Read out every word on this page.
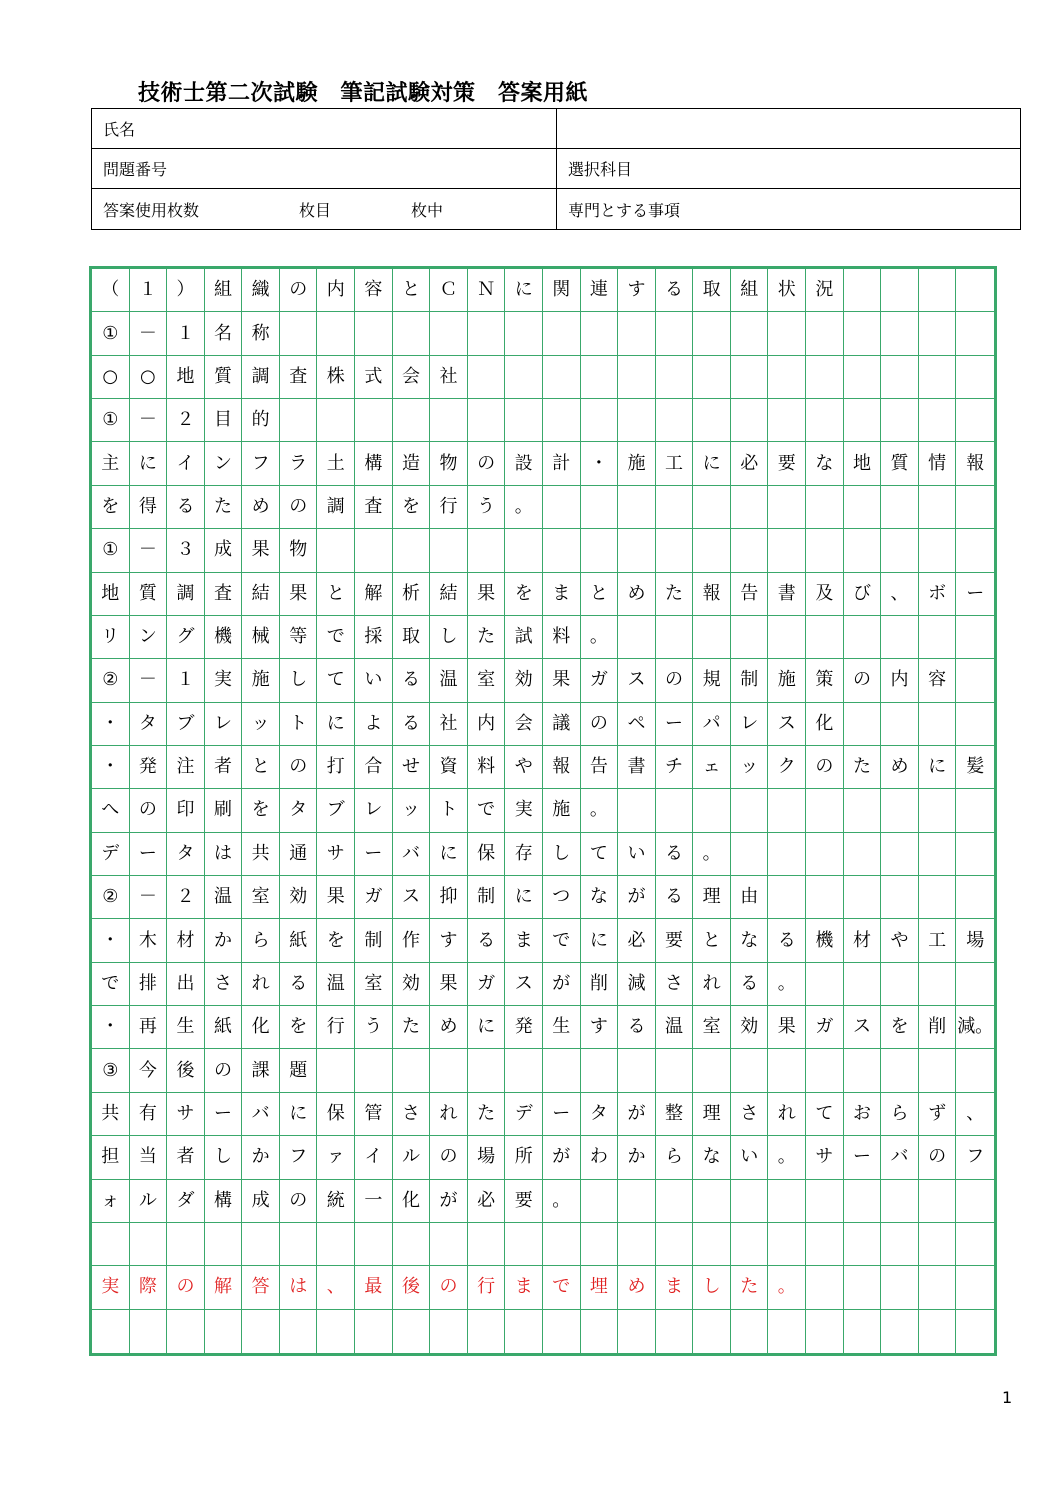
技術士第二次試験　筆記試験対策　答案用紙
氏名
問題番号	選択科目
答案使用枚数	枚目	枚中	専門とする事項
（	１	）	組	織	の	内	容	と	Ｃ	Ｎ	に	関	連	す	る	取	組	状	況
①	－	１	名	称
○	○	地	質	調	査	株	式	会	社
①	－	２	目	的
主	に	イ	ン	フ	ラ	土	構	造	物	の	設	計	・	施	工	に	必	要	な	地	質	情	報
を	得	る	た	め	の	調	査	を	行	う	。
①	－	３	成	果	物
地	質	調	査	結	果	と	解	析	結	果	を	ま	と	め	た	報	告	書	及	び	、	ボ	ー
リ	ン	グ	機	械	等	で	採	取	し	た	試	料	。
②	－	１	実	施	し	て	い	る	温	室	効	果	ガ	ス	の	規	制	施	策	の	内	容
・	タ	ブ	レ	ッ	ト	に	よ	る	社	内	会	議	の	ペ	ー	パ	レ	ス	化
・	発	注	者	と	の	打	合	せ	資	料	や	報	告	書	チ	ェ	ッ	ク	の	た	め	に	髪
へ	の	印	刷	を	タ	ブ	レ	ッ	ト	で	実	施	。
デ	ー	タ	は	共	通	サ	ー	バ	に	保	存	し	て	い	る	。
②	－	２	温	室	効	果	ガ	ス	抑	制	に	つ	な	が	る	理	由
・	木	材	か	ら	紙	を	制	作	す	る	ま	で	に	必	要	と	な	る	機	材	や	工	場
で	排	出	さ	れ	る	温	室	効	果	ガ	ス	が	削	減	さ	れ	る	。
・	再	生	紙	化	を	行	う	た	め	に	発	生	す	る	温	室	効	果	ガ	ス	を	削 減。
③	今	後	の	課	題
共	有	サ	ー	バ	に	保	管	さ	れ	た	デ	ー	タ	が	整	理	さ	れ	て	お	ら	ず	、
担	当	者	し	か	フ	ァ	イ	ル	の	場	所	が	わ	か	ら	な	い	。	サ	ー	バ	の	フ
ォ	ル	ダ	構	成	の	統	一	化	が	必	要	。
実	際	の	解	答	は	、	最	後	の	行	ま	で	埋	め	ま	し	た	。
1
